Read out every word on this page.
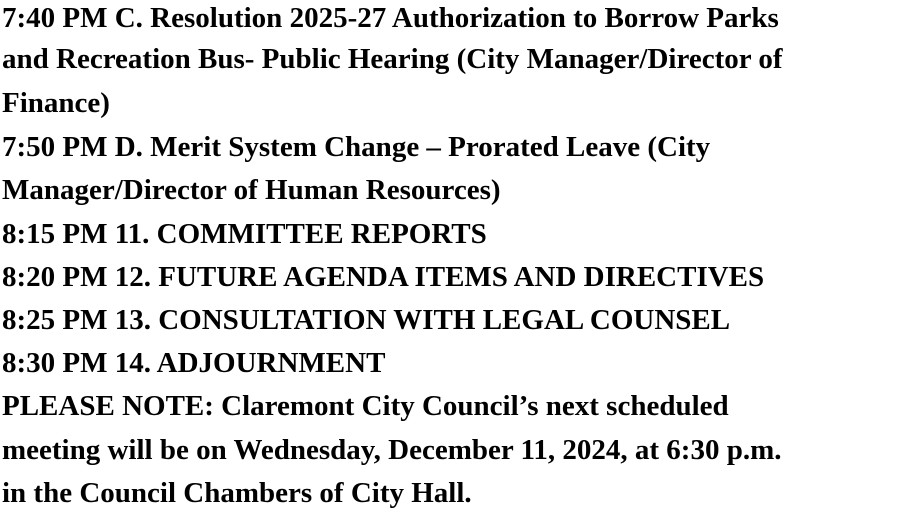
7:40 PM C. Resolution 2025-27 Authorization to Borrow Parks
and Recreation Bus- Public Hearing (City Manager/Director of
Finance)
7:50 PM D. Merit System Change – Prorated Leave (City
Manager/Director of Human Resources)
8:15 PM 11. COMMITTEE REPORTS
8:20 PM 12. FUTURE AGENDA ITEMS AND DIRECTIVES
8:25 PM 13. CONSULTATION WITH LEGAL COUNSEL
8:30 PM 14. ADJOURNMENT
PLEASE NOTE: Claremont City Council’s next scheduled
meeting will be on Wednesday, December 11, 2024, at 6:30 p.m.
in the Council Chambers of City Hall.
